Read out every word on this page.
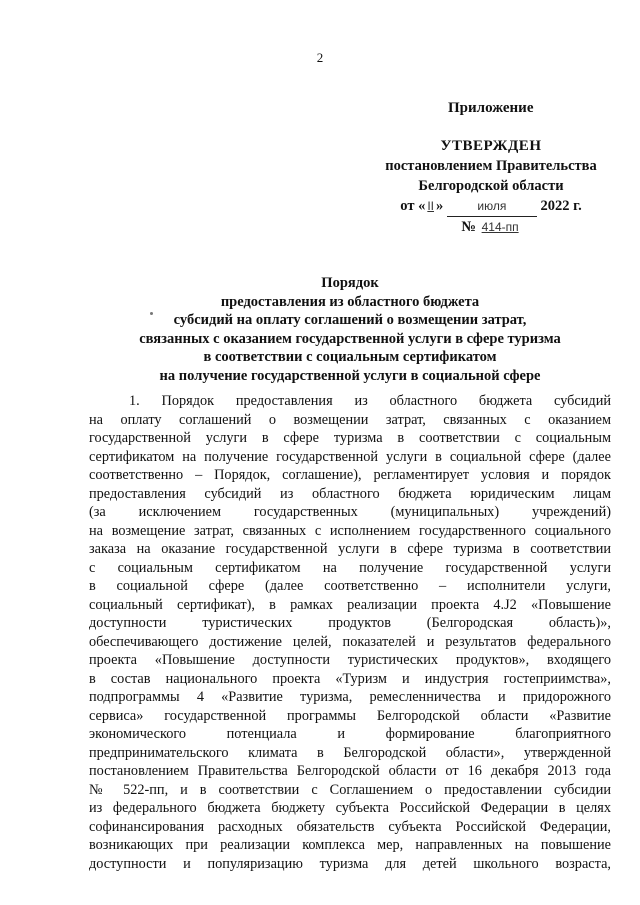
2
Приложение
УТВЕРЖДЕН
постановлением Правительства
Белгородской области
от « II »	июля 2022 г.
№ 414-пп
Порядок
предоставления из областного бюджета
субсидий на оплату соглашений о возмещении затрат,
связанных с оказанием государственной услуги в сфере туризма
в соответствии с социальным сертификатом
на получение государственной услуги в социальной сфере
1. Порядок предоставления из областного бюджета субсидий
на оплату соглашений о возмещении затрат, связанных с оказанием
государственной услуги в сфере туризма в соответствии с социальным
сертификатом на получение государственной услуги в социальной сфере (далее
соответственно – Порядок, соглашение), регламентирует условия и порядок
предоставления субсидий из областного бюджета юридическим лицам
(за исключением государственных (муниципальных) учреждений)
на возмещение затрат, связанных с исполнением государственного социального
заказа на оказание государственной услуги в сфере туризма в соответствии
с социальным сертификатом на получение государственной услуги
в социальной сфере (далее соответственно – исполнители услуги,
социальный сертификат), в рамках реализации проекта 4.J2 «Повышение
доступности туристических продуктов (Белгородская область)»,
обеспечивающего достижение целей, показателей и результатов федерального
проекта «Повышение доступности туристических продуктов», входящего
в состав национального проекта «Туризм и индустрия гостеприимства»,
подпрограммы 4 «Развитие туризма, ремесленничества и придорожного
сервиса» государственной программы Белгородской области «Развитие
экономического потенциала и формирование благоприятного
предпринимательского климата в Белгородской области», утвержденной
постановлением Правительства Белгородской области от 16 декабря 2013 года
№ 522-пп, и в соответствии с Соглашением о предоставлении субсидии
из федерального бюджета бюджету субъекта Российской Федерации в целях
софинансирования расходных обязательств субъекта Российской Федерации,
возникающих при реализации комплекса мер, направленных на повышение
доступности и популяризацию туризма для детей школьного возраста,
